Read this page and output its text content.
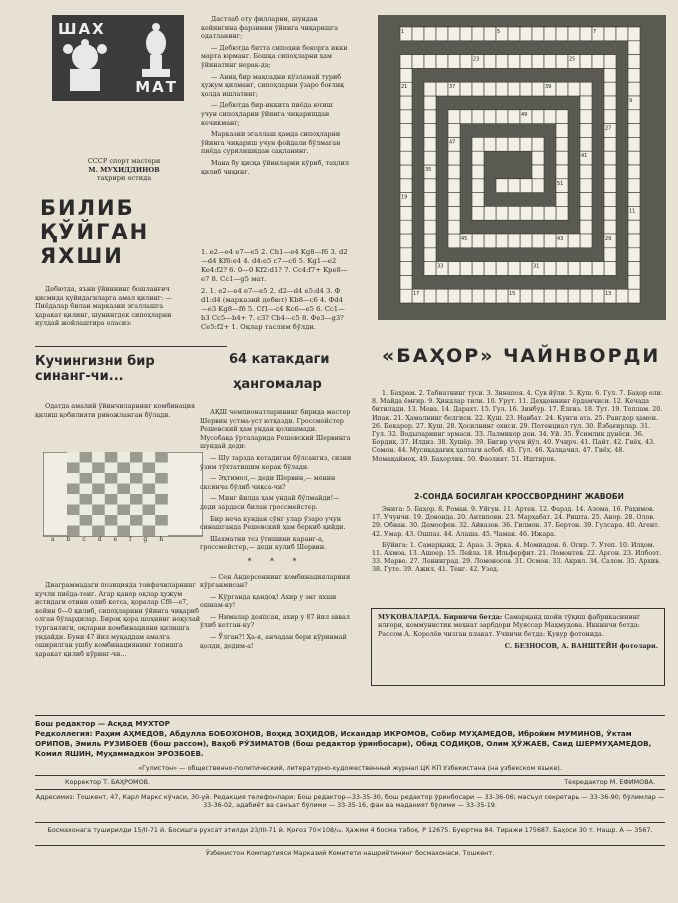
ШАХ
МАТ
СССР спорт мастери
М. МУХИДДИНОВ
таҳрири остида
БИЛИБ
ҚЎЙГАН
ЯХШИ

Дебютда, яъни ўйиннинг бошланғич қисмида қуйидагиларга амал қилинг: — Пиёдалар билан марказни эгаллашга ҳаракат қилинг, шунингдек сипоҳларни иулдай жойлаштира оласиз:

Кучингизни бир синанг-чи...

Одатда амалий ўйинчиларнинг комбинация қилиш қобилияти ривожланган бўлади.

abcdefgh

Диаграммадаги позицияда тоифачиларнинг кучли пиёда-тенг. Агар қанор оқлар ҳужум истидаги отини олиб кетса, қоралар Сf8—e7, кейин 0—0 қилиб, сипоҳларини ўйинга чиқариб олган бўлардилар. Бироқ қора шоҳнинг ноқулай турганлиги, оқларни комбинацияни қилишга ундайди. Буни 47 йил муқаддам амалга оширилган ушбу комбинациянинг топишга ҳаракат қилиб кўринг-чи...

Дастлаб оту филларни, шундан кейингина фарзинни ўйинга чиқаришга одатланинг;

— Дебютда битта сипоҳни бекорга икки марта юрманг. Бошқа сипоҳларни ҳам ўйинатинг нерак-да;

— Аниқ бир мақсадни кўзламай туриб ҳужум қилманг, сипоҳларни ўзаро боғлиқ ҳолда ишлатинг;

— Дебютда бир-иккита пиёда ютиш учун сипоҳларни ўйинга чиқаришдан кечикманг;

Марказни эгаллаш ҳамда сипоҳларни ўйинга чиқариш учун фойдали бўлмаган пиёда сурилишидан сақланинг.

Мана бу қисқа ўйинларни кўриб, таҳлил қилиб чиқинг.

1. e2—e4 e7—e5 2. Ch1—e4 Kg8—f6 3. d2—d4 Kf6:e4 4. d4:e5 c7—c6 5. Kg1—e2 Ke4:f2? 6. 0—0 Kf2:d1? 7. Cc4:f7+ Kpe8—e7 8. Cc1—g5 мат.

2. 1. e2—e4 e7—e5 2. d2—d4 e5:d4 3. Ф d1:d4 (марказий дебют) Kb8—c6 4. Фd4—e3 Kg8—f6 5. Cf1—c4 Kc6—e5 6. Cc1—b3 Cc5—b4+ 7. c3? Cb4—c5 8. Фe3—g3? Ce5:f2+ 1. Оқлар таслим бўлди.

64 катакдаги
ҳангомалар

АҚШ чемпионатларининг бирида мастер Шервин устма-уст ютқазди. Гроссмейстер Решевский ҳам ундан қолишмади. Мусобақа ўрталарида Решевский Шервинга шундай деди:

— Шу тарзда кетадиган бўлсангиз, сизни ўзим тўхтатишим керак бўлади.

— Эҳтимол,— деди Шервин,— менин аксинча бўлиб чиқса-чи?

— Минг йилда ҳам ундай бўлмайди!— деди зардаси билан гроссмейстер.

Бир неча кундан сўнг улар ўзаро учун синашганда Решевский ҳам беркиб қийди.

Шахматни тез ўтишини каранг-а, гроссмейстер,— деди кулиб Шервин.

* * *

— Сен Андерсеннинг комбинацияларини кўрганмисан?

— Кўрганда қандоқ! Ахир у энг яхши ошнам-ку!

— Нималар деяпсан, ахир у 87 йил аввал ўлиб кетган-ку?

— Ўлган?! Ҳа-я, анчадан бери кўринмай қолди, дедим-а!

1	5	7
9
11
13
15
17
19
21
23	25
27
29
31
33
35
37	39
41
43
45
47
49
51
«БАҲОР» ЧАЙНВОРДИ

1. Баҳрам. 2. Табиатнинг туси. 3. Зинапоя. 4. Сув йўли. 5. Қуш. 6. Гул. 7. Баҳор ели. 8. Майда ёмғир. 9. Ҳиндлар тили. 10. Урут. 11. Деҳқоннинг ёрдамчиси. 12. Кечада битилади. 13. Мева. 14. Дарахт. 15. Гул. 16. Зинбур. 17. Ёлғиз. 18. Тут. 19. Теплам. 20. Ипак. 21. Ҳамалнинг белгиси. 22. Қуш. 23. Навбат. 24. Кунги ата. 25. Рангдор ҳамон. 26. Бекарор. 27. Қуш. 28. Ҳосилнинг охиси. 29. Потенциал гул. 30. Ёзбағирлар. 31. Гул. 32. Водылариинг эрмаси. 33. Лалмикор дон. 34. Уй. 35. Ўсимлик дунёси. 36. Бордиқ. 37. Илдиз. 38. Ҳушёр. 39. Бигир учун йўл. 40. Учирч. 41. Пайт. 42. Гиёҳ. 43. Сомон. 44. Мусиқадағиқ ҳалтаги асбоб. 45. Гул. 46. Ҳалқачил. 47. Гиёҳ. 48. Момақаймоқ. 49. Баҳорлик. 50. Фаолият. 51. Иштирок.

2-СОНДА БОСИЛГАН КРОССВОРДНИНГ ЖАВОБИ

Энига: 5. Баҳор. 8. Роман. 9. Уйгун. 11. Артек. 12. Фарзд. 14. Алома. 16. Раҳимов. 17. Учунчи. 19. Довонда. 20. Антипови. 23. Марҳабат. 24. Ришта. 25. Анор. 28. Олов. 29. Обиан. 30. Демосфен. 32. Айвазов. 36. Гилмон. 37. Бертон. 39. Гулсара. 40. Агент. 42. Умар. 43. Ошпаз. 44. Алаша. 45. Чамак. 46. Ижара.

Бўйига: 1. Самарқанд. 2. Араз. 3. Эрка. 4. Момиадон. 6. Огир. 7. Утеп. 10. Илҳом. 11. Ахмоа. 13. Ашоер. 15. Лейла. 18. Ильферфит. 21. Ломонтов. 22. Аргон. 23. Илбоэт. 33. Марво. 27. Ленинград. 29. Ломоносов. 31. Осмон. 33. Акрил. 34. Салом. 35. Архив. 38. Гуте. 39. Ажил. 41. Тенг. 42. Узед.

МУҚОВАЛАРДА. Биринчи бетда: Самарқанд шойи тўқиш фабрикасининг илғори, коммунистик меҳнат зарбдори Муяссар Маҳмудова. Иккинчи бетда: Рассом А. Королёв чизган плакат. Учинчи бетда: Қувур фотонида.

С. БЕЗНОСОВ, А. ВАНШТЕЙН фотолари.

Бош редактор — Асқад МУХТОР
Редколлегия: Раҳим АҲМЕДОВ, Абдулла БОБОХОНОВ, Воҳид ЗОҲИДОВ, Искандар ИКРОМОВ, Собир МУҲАМЕДОВ, Ибройим МУМИНОВ, Ўктам ОРИПОВ, Эмиль РУЗИБОЕВ (бош рассом), Ваҳоб РЎЗИМАТОВ (бош редактор ўринбосари), Обид СОДИҚОВ, Олим ҲЎЖАЕВ, Саид ШЕРМУҲАМЕДОВ, Комил ЯШИН, Муҳаммадкон ЭРОЗБОЕВ.
«Гулистон» — общественно-политический, литературно-художественный журнал ЦК КП Узбекистана (на узбекском языке).
Корректор Т. БАҲРОМОВ.	Техредактор М. ЕФИМОВА.
Адресимиз: Тошкент, 47, Карл Маркс кўчаси, 30-уй. Редакция телефонлари: Бош редактор—33-35-30, бош редактор ўринбосари — 33-36-06; масъул секретарь — 33-36-90; бўлимлар — 33-36-02, адабиёт ва санъат бўлими — 33-35-16, фан ва маданият бўлими — 33-35-19.
Босмахонага туширилди 15/II-71 й. Босишга рухсат этилди 23/III-71 й. Қоғоз 70×108/₁₆. Ҳажми 4 босма табоқ. Р 12675. Буюртма 84. Тиражи 175687. Баҳоси 30 т. Нашр. А — 3567.
Ўзбекистон Компартияси Марказий Комитети нашриётининг босмахонаси. Тошкент.
